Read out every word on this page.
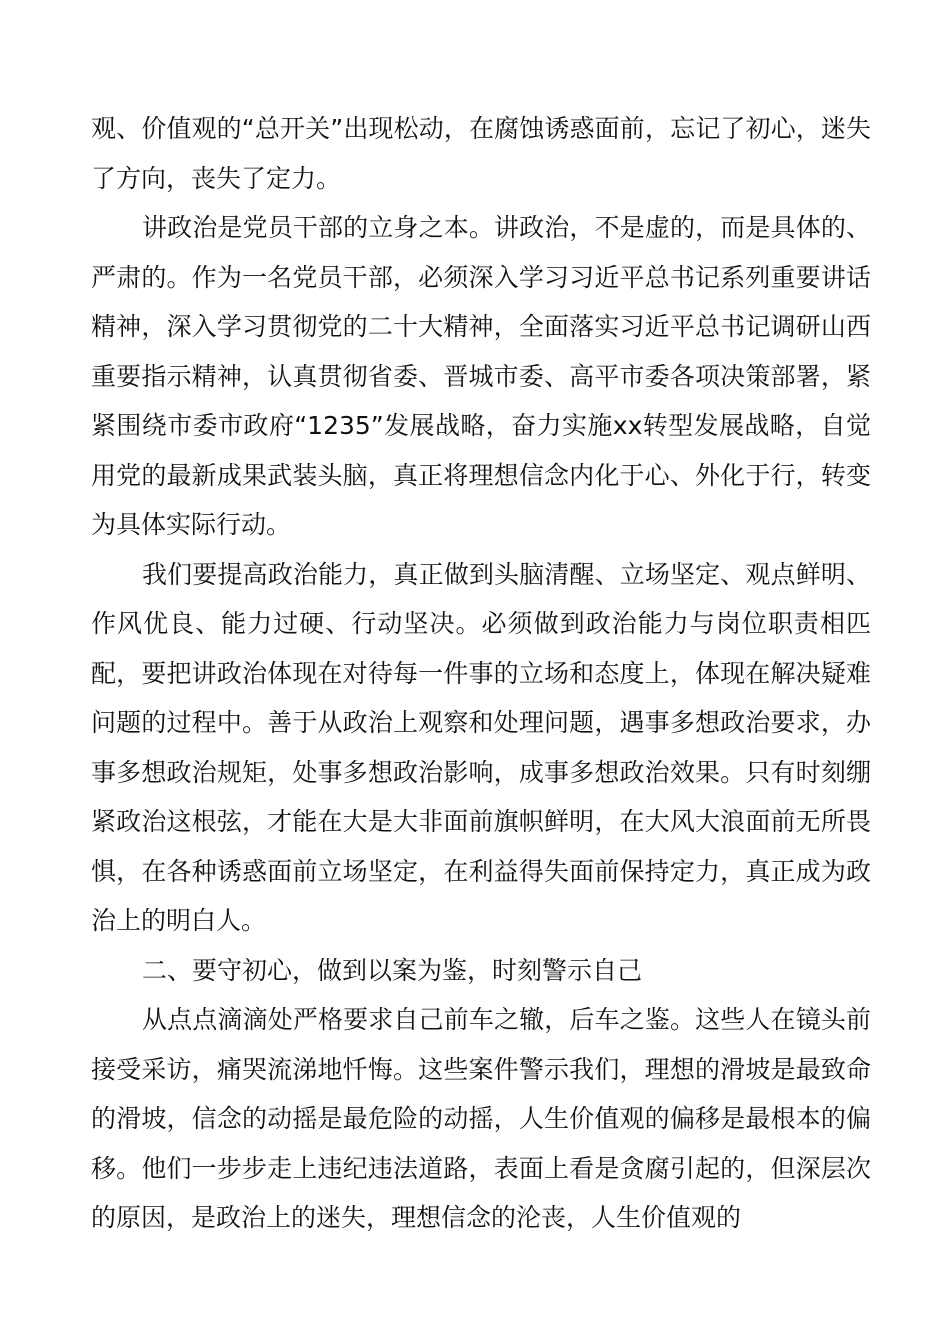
观、价值观的“总开关”出现松动，在腐蚀诱惑面前，忘记了初心，迷失了方向，丧失了定力。

讲政治是党员干部的立身之本。讲政治，不是虚的，而是具体的、严肃的。作为一名党员干部，必须深入学习习近平总书记系列重要讲话精神，深入学习贯彻党的二十大精神，全面落实习近平总书记调研山西重要指示精神，认真贯彻省委、晋城市委、高平市委各项决策部署，紧紧围绕市委市政府“1235”发展战略，奋力实施xx转型发展战略，自觉用党的最新成果武装头脑，真正将理想信念内化于心、外化于行，转变为具体实际行动。

我们要提高政治能力，真正做到头脑清醒、立场坚定、观点鲜明、作风优良、能力过硬、行动坚决。必须做到政治能力与岗位职责相匹配，要把讲政治体现在对待每一件事的立场和态度上，体现在解决疑难问题的过程中。善于从政治上观察和处理问题，遇事多想政治要求，办事多想政治规矩，处事多想政治影响，成事多想政治效果。只有时刻绷紧政治这根弦，才能在大是大非面前旗帜鲜明，在大风大浪面前无所畏惧，在各种诱惑面前立场坚定，在利益得失面前保持定力，真正成为政治上的明白人。

二、要守初心，做到以案为鉴，时刻警示自己

从点点滴滴处严格要求自己前车之辙，后车之鉴。这些人在镜头前接受采访，痛哭流涕地忏悔。这些案件警示我们，理想的滑坡是最致命的滑坡，信念的动摇是最危险的动摇，人生价值观的偏移是最根本的偏移。他们一步步走上违纪违法道路，表面上看是贪腐引起的，但深层次的原因，是政治上的迷失，理想信念的沦丧，人生价值观的
